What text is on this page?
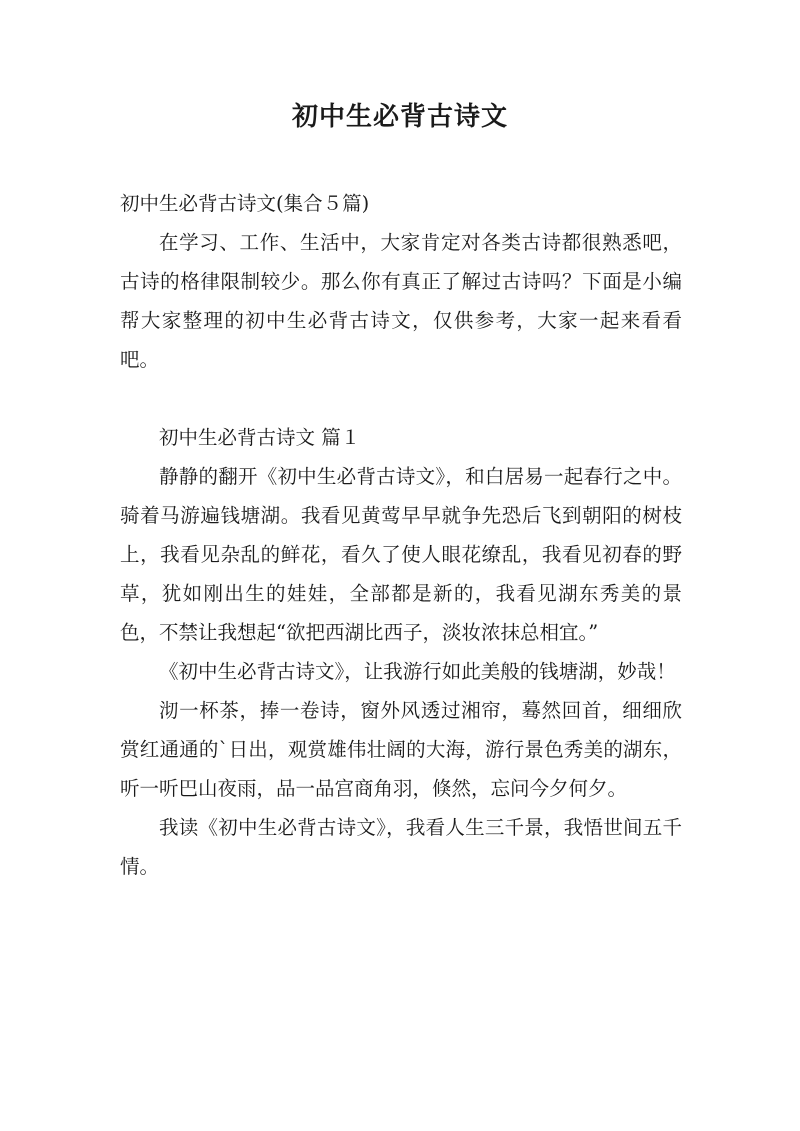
初中生必背古诗文

初中生必背古诗文(集合５篇)

在学习、工作、生活中，大家肯定对各类古诗都很熟悉吧，古诗的格律限制较少。那么你有真正了解过古诗吗？下面是小编帮大家整理的初中生必背古诗文，仅供参考，大家一起来看看吧。

初中生必背古诗文 篇１

静静的翻开《初中生必背古诗文》，和白居易一起春行之中。骑着马游遍钱塘湖。我看见黄莺早早就争先恐后飞到朝阳的树枝上，我看见杂乱的鲜花，看久了使人眼花缭乱，我看见初春的野草，犹如刚出生的娃娃，全部都是新的，我看见湖东秀美的景色，不禁让我想起“欲把西湖比西子，淡妆浓抹总相宜。”

《初中生必背古诗文》，让我游行如此美般的钱塘湖，妙哉！

沏一杯茶，捧一卷诗，窗外风透过湘帘，蓦然回首，细细欣赏红通通的`日出，观赏雄伟壮阔的大海，游行景色秀美的湖东，听一听巴山夜雨，品一品宫商角羽，倏然，忘问今夕何夕。

我读《初中生必背古诗文》，我看人生三千景，我悟世间五千情。
